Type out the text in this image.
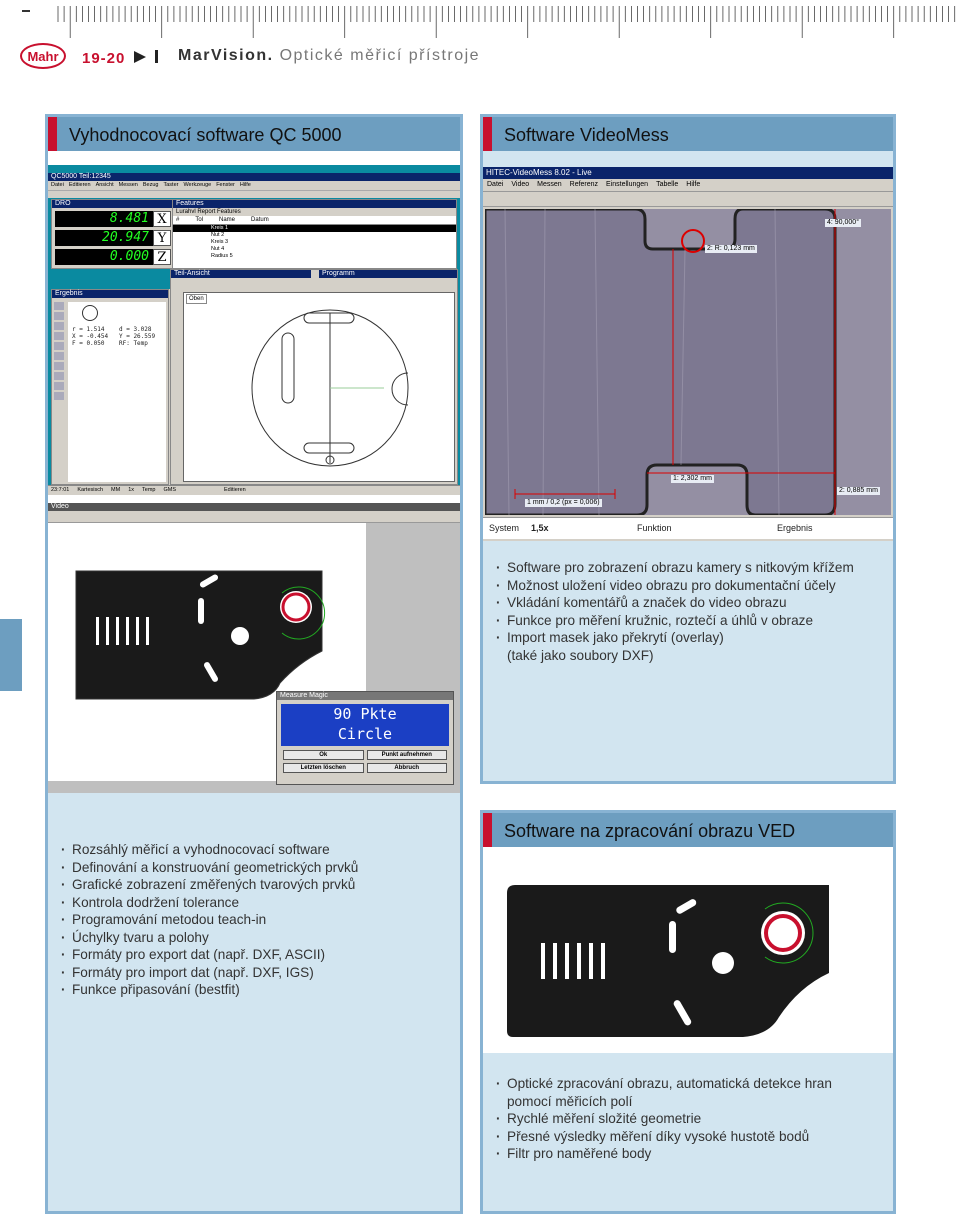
Mahr	19-20	MarVision. Optické měřicí přístroje
Vyhodnocovací software QC 5000
QC5000 Teil:12345
Datei Editieren Ansicht Messen Bezug Taster Werkzeuge Fenster Hilfe
DRO
8.481 X
20.947 Y
0.000 Z
Features
Lurahvl Report Features
#	Tol	Name	Datum
Kreis 1
Nut 2
Kreis 3
Nut 4
Radius 5
Ergebnis
r = 1.514	d = 3.028
X = -0.454	Y = 26.559
F = 0.050	RF: Temp
Teil-Ansicht	Programm
Oben
23:7:01 Kartesisch MM 1x Temp GMS	Editieren
Video
Measure Magic
90 Pkte
Circle
Ok	Punkt aufnehmen
Letzten löschen	Abbruch
· Rozsáhlý měřicí a vyhodnocovací software
· Definování a konstruování geometrických prvků
· Grafické zobrazení změřených tvarových prvků
· Kontrola dodržení tolerance
· Programování metodou teach-in
· Úchylky tvaru a polohy
· Formáty pro export dat (např. DXF, ASCII)
· Formáty pro import dat (např. DXF, IGS)
· Funkce připasování (bestfit)
Software VideoMess
HITEC-VideoMess 8.02 - Live
Datei Video Messen Referenz Einstellungen Tabelle Hilfe
2: R: 0,123 mm
4: 90,000°
1: 2,302 mm
1 mm / 0,2 (px = 0,006)
2: 0,885 mm
System	1,5x	Funktion	Ergebnis
· Software pro zobrazení obrazu kamery s nitkovým křížem
· Možnost uložení video obrazu pro dokumentační účely
· Vkládání komentářů a značek do video obrazu
· Funkce pro měření kružnic, roztečí a úhlů v obraze
· Import masek jako překrytí (overlay)
(také jako soubory DXF)
Software na zpracování obrazu VED
· Optické zpracování obrazu, automatická detekce hran
pomocí měřicích polí
· Rychlé měření složité geometrie
· Přesné výsledky měření díky vysoké hustotě bodů
· Filtr pro naměřené body
